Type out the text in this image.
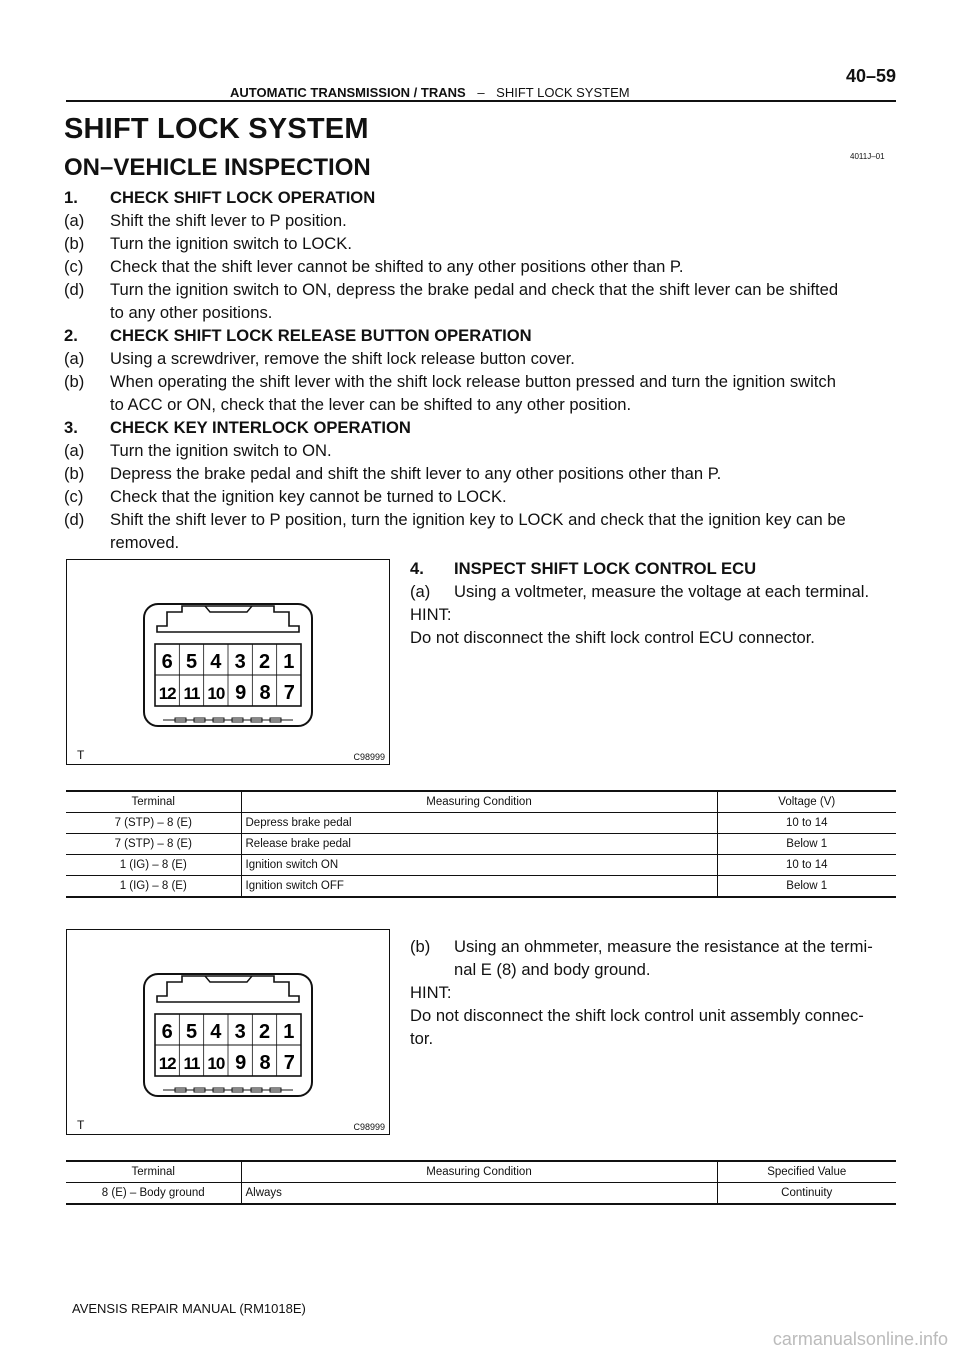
AUTOMATIC TRANSMISSION / TRANS – SHIFT LOCK SYSTEM
40–59
SHIFT LOCK SYSTEM
ON–VEHICLE INSPECTION	4011J–01
1. CHECK SHIFT LOCK OPERATION
(a) Shift the shift lever to P position.
(b) Turn the ignition switch to LOCK.
(c) Check that the shift lever cannot be shifted to any other positions other than P.
(d) Turn the ignition switch to ON, depress the brake pedal and check that the shift lever can be shifted
to any other positions.
2. CHECK SHIFT LOCK RELEASE BUTTON OPERATION
(a) Using a screwdriver, remove the shift lock release button cover.
(b) When operating the shift lever with the shift lock release button pressed and turn the ignition switch
to ACC or ON, check that the lever can be shifted to any other position.
3. CHECK KEY INTERLOCK OPERATION
(a) Turn the ignition switch to ON.
(b) Depress the brake pedal and shift the shift lever to any other positions other than P.
(c) Check that the ignition key cannot be turned to LOCK.
(d) Shift the shift lever to P position, turn the ignition key to LOCK and check that the ignition key can be
removed.
4. INSPECT SHIFT LOCK CONTROL ECU
(a) Using a voltmeter, measure the voltage at each terminal.
HINT:
Do not disconnect the shift lock control ECU connector.
6
12
5
11
4
10
3
9
2
8
1
7
T	C98999
Terminal	Measuring Condition	Voltage (V)
7 (STP) – 8 (E)	Depress brake pedal	10 to 14
7 (STP) – 8 (E)	Release brake pedal	Below 1
1 (IG) – 8 (E)	Ignition switch ON	10 to 14
1 (IG) – 8 (E)	Ignition switch OFF	Below 1
(b) Using an ohmmeter, measure the resistance at the termi-
nal E (8) and body ground.
HINT:
Do not disconnect the shift lock control unit assembly connec-
tor.
6
12
5
11
4
10
3
9
2
8
1
7
T	C98999
Terminal	Measuring Condition	Specified Value
8 (E) – Body ground	Always	Continuity
AVENSIS REPAIR MANUAL (RM1018E)
carmanualsonline.info
